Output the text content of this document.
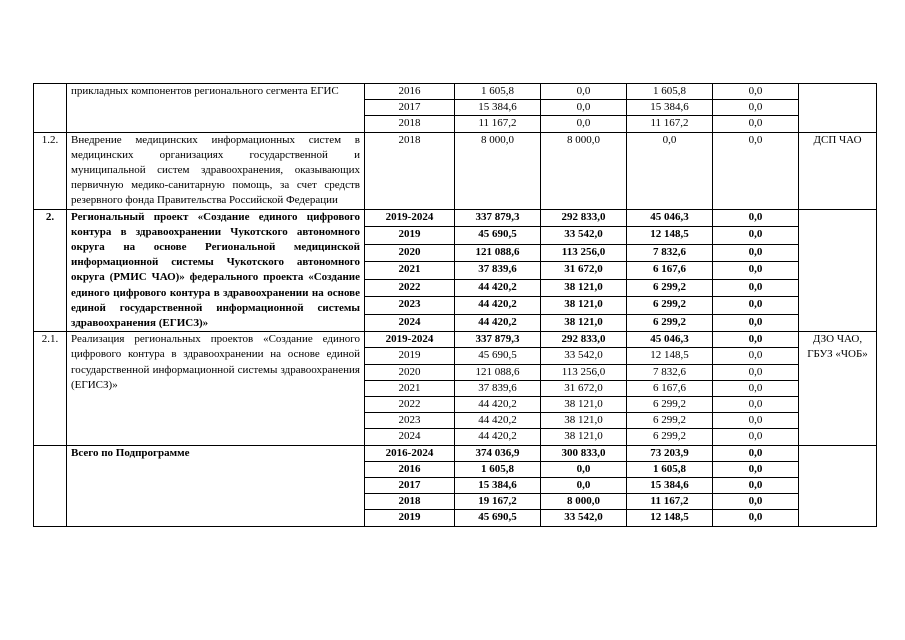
	прикладных компонентов регионального сегмента ЕГИС	2016	1 605,8	0,0	1 605,8	0,0	
		2017	15 384,6	0,0	15 384,6	0,0	
		2018	11 167,2	0,0	11 167,2	0,0	
1.2.	Внедрение медицинских информационных систем в медицинских организациях государственной и муниципальной систем здравоохранения, оказывающих первичную медико-санитарную помощь, за счет средств резервного фонда Правительства Российской Федерации	2018	8 000,0	8 000,0	0,0	0,0	ДСП ЧАО
2.	Региональный проект «Создание единого цифрового контура в здравоохранении Чукотского автономного округа на основе Региональной медицинской информационной системы Чукотского автономного округа (РМИС ЧАО)» федерального проекта «Создание единого цифрового контура в здравоохранении на основе единой государственной информационной системы здравоохранения (ЕГИСЗ)»	2019-2024	337 879,3	292 833,0	45 046,3	0,0	
		2019	45 690,5	33 542,0	12 148,5	0,0	
		2020	121 088,6	113 256,0	7 832,6	0,0	
		2021	37 839,6	31 672,0	6 167,6	0,0	
		2022	44 420,2	38 121,0	6 299,2	0,0	
		2023	44 420,2	38 121,0	6 299,2	0,0	
		2024	44 420,2	38 121,0	6 299,2	0,0	
2.1.	Реализация региональных проектов «Создание единого цифрового контура в здравоохранении на основе единой государственной информационной системы здравоохранения (ЕГИСЗ)»	2019-2024	337 879,3	292 833,0	45 046,3	0,0	ДЗО ЧАО, ГБУЗ «ЧОБ»
		2019	45 690,5	33 542,0	12 148,5	0,0	
		2020	121 088,6	113 256,0	7 832,6	0,0	
		2021	37 839,6	31 672,0	6 167,6	0,0	
		2022	44 420,2	38 121,0	6 299,2	0,0	
		2023	44 420,2	38 121,0	6 299,2	0,0	
		2024	44 420,2	38 121,0	6 299,2	0,0	
	Всего по Подпрограмме	2016-2024	374 036,9	300 833,0	73 203,9	0,0	
		2016	1 605,8	0,0	1 605,8	0,0	
		2017	15 384,6	0,0	15 384,6	0,0	
		2018	19 167,2	8 000,0	11 167,2	0,0	
		2019	45 690,5	33 542,0	12 148,5	0,0	
